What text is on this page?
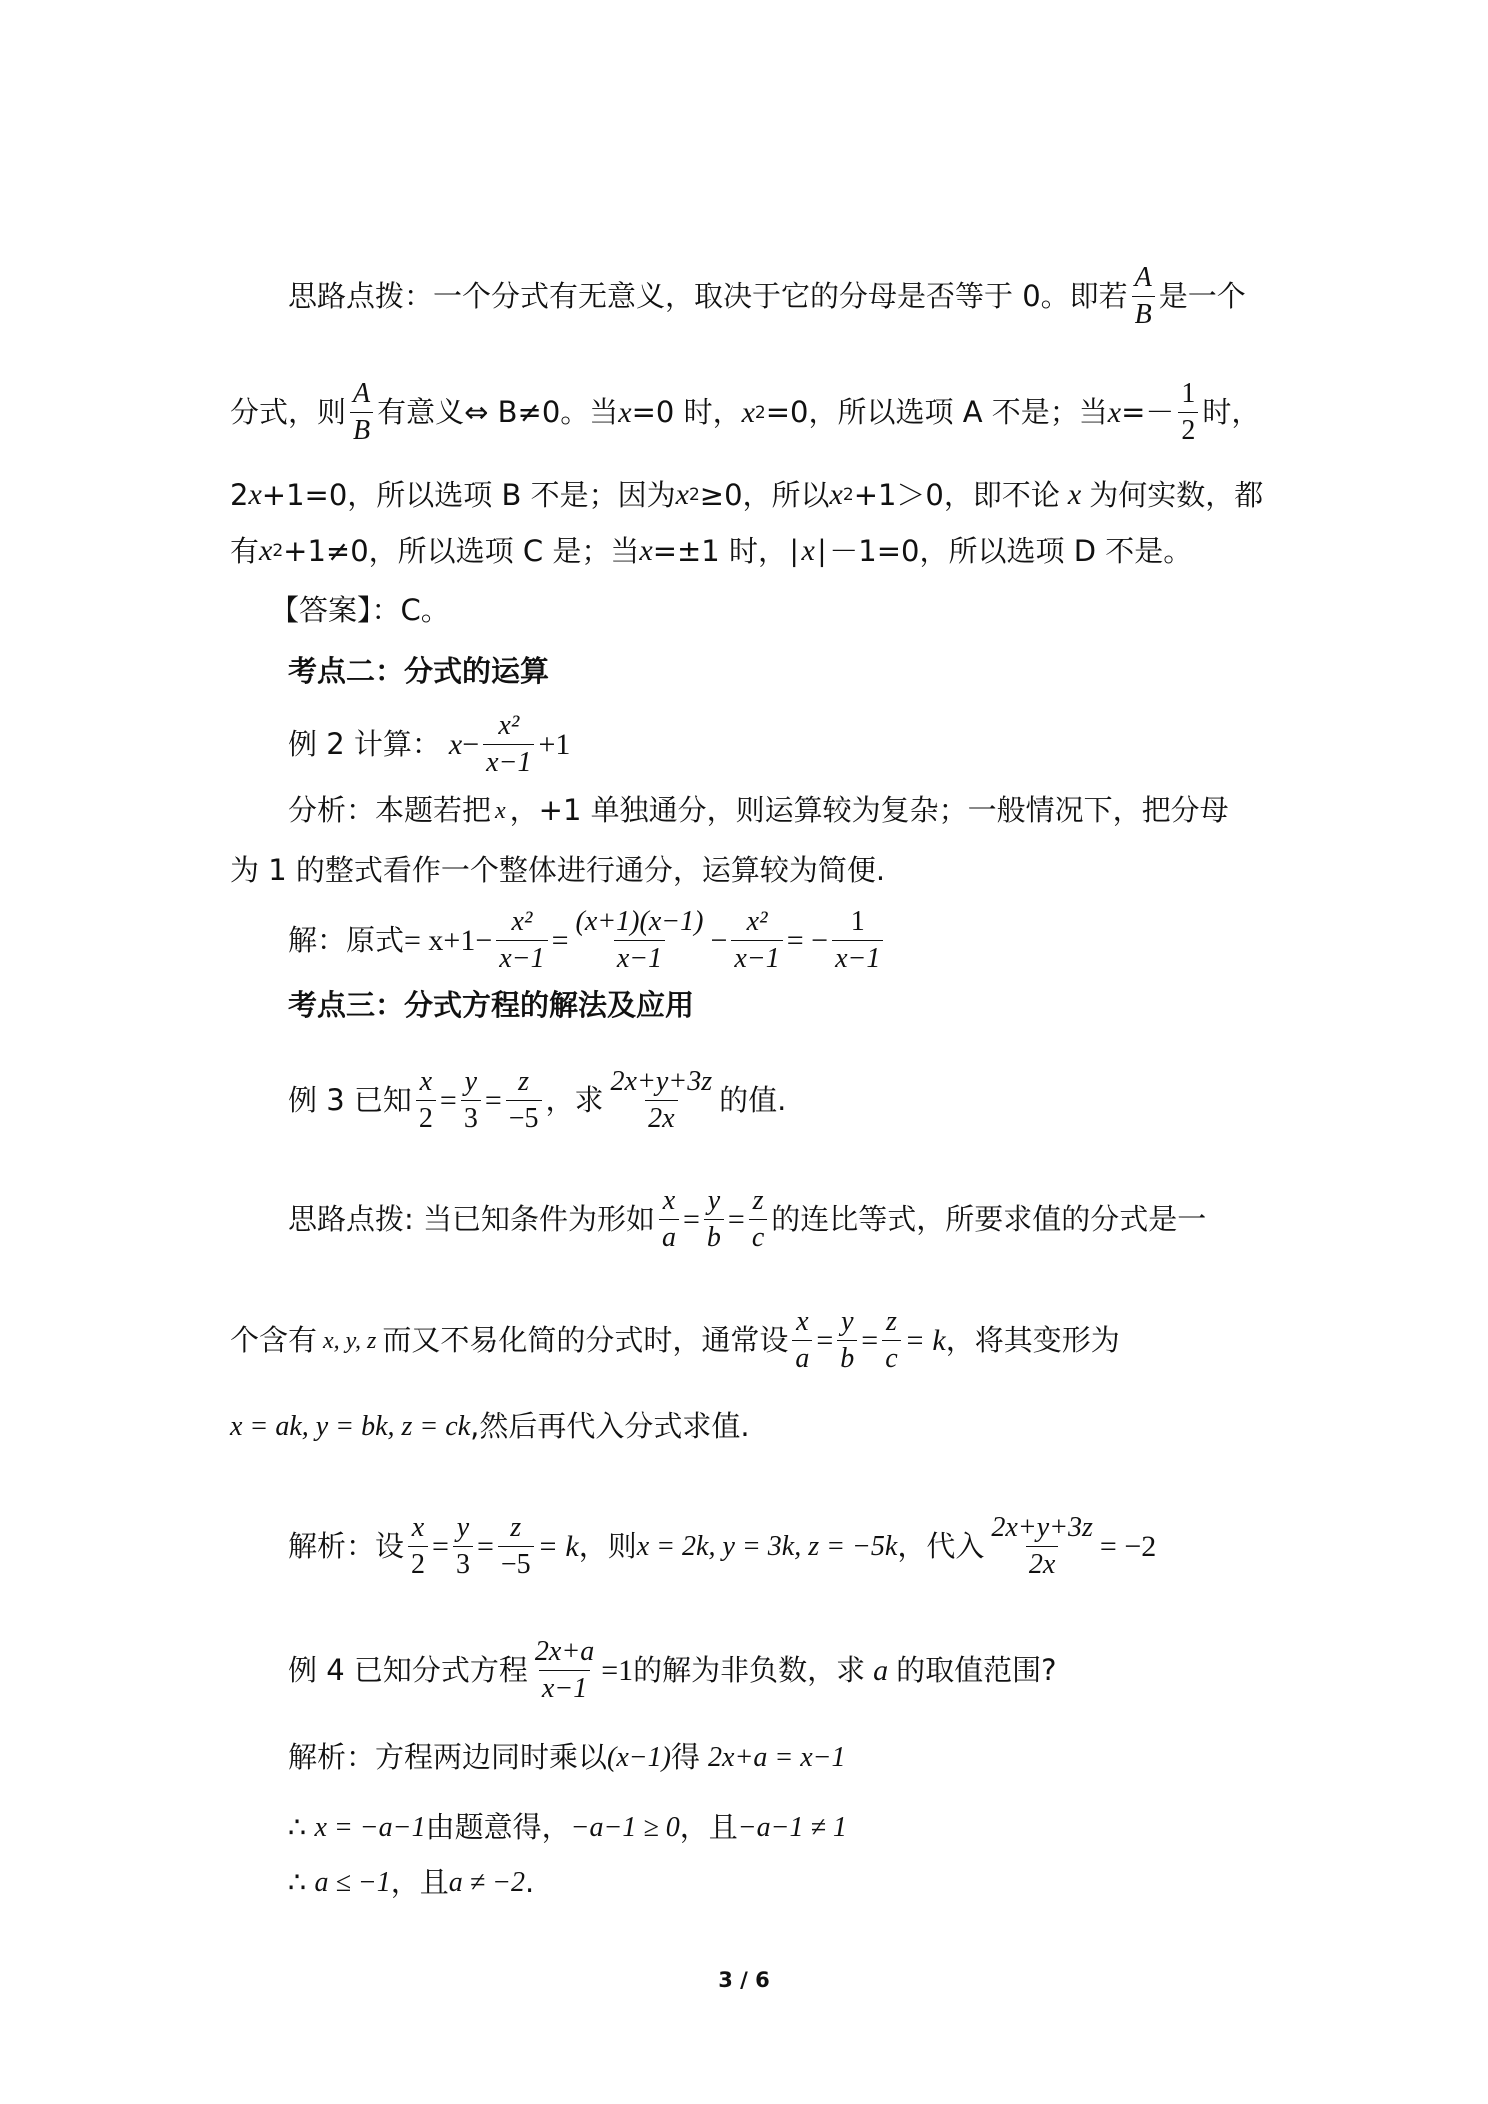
思路点拨：一个分式有无意义，取决于它的分母是否等于 0。即若 $\frac{A}{B}$ 是一个
分式，则 $\frac{A}{B}$ 有意义⇔ B≠0。当 x =0 时， x 2 =0，所以选项 A 不是；当 $x =- \frac{1}{2}$ 时，
2 x +1=0，所以选项 B 不是；因为 x 2 ≥0，所以 x 2 +1＞0，即不论 x 为何实数，都
有 x 2 +1≠0，所以选项 C 是；当 x =±1 时，∣ x ∣－1=0，所以选项 D 不是。
【答案】：C。
考点二：分式的运算
例 2 计算： $x - \frac{\text{x²}}{x-1} +1$
分析：本题若把 x ，+1 单独通分，则运算较为复杂；一般情况下，把分母
为 1 的整式看作一个整体进行通分，运算较为简便.
解：原式 = $x+1- \frac{\text{x²}}{x-1} = \frac{(x+1)(x-1)}{x-1} - \frac{\text{x²}}{x-1}$ = − $\frac{1}{x-1}$
考点三：分式方程的解法及应用
例 3 已知 $\frac{x}{2} = \frac{y}{3} = \frac{z}{-5}$ ，求 $\frac{2x+y+3z}{2x}$ 的值.
思路点拨: 当已知条件为形如 $\frac{x}{a} = \frac{y}{b} = \frac{z}{c}$ 的连比等式，所要求值的分式是一
个含有 x, y, z 而又不易化简的分式时，通常设 $\frac{x}{a} = \frac{y}{b} = \frac{z}{c} = k$ ，将其变形为
x = ak, y = bk, z = ck ,然后再代入分式求值.
解析：设 $\frac{x}{2} = \frac{y}{3} = \frac{z}{-5} = k$ ，则 x = 2k, y = 3k, z = −5k ，代入 $\frac{2x+y+3z}{2x} = -2$
例 4 已知分式方程 $\frac{2x+a}{x-1} =1$ 的解为非负数，求 a 的取值范围?
解析：方程两边同时乘以 (x−1) 得 2x+a = x−1
∴ x = −a−1 由题意得， −a−1 ≥ 0 ，且 −a−1 ≠ 1
∴ a ≤ −1 ，且 a ≠ −2 .
3 / 6
